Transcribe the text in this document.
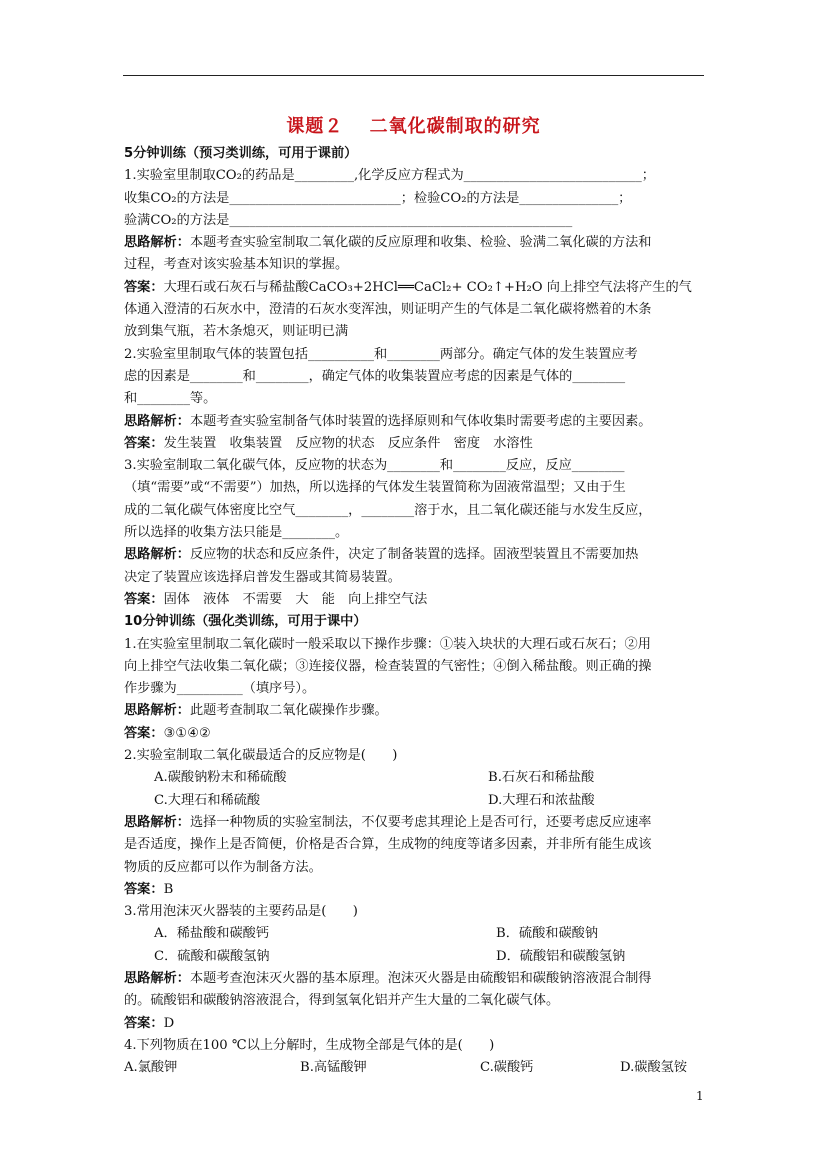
课题２　 二氧化碳制取的研究
5分钟训练（预习类训练，可用于课前）
1.实验室里制取CO₂的药品是_________,化学反应方程式为___________________________；
收集CO₂的方法是__________________________；检验CO₂的方法是_______________；
验满CO₂的方法是____________________________________________________
思路解析：本题考查实验室制取二氧化碳的反应原理和收集、检验、验满二氧化碳的方法和
过程，考查对该实验基本知识的掌握。
答案：大理石或石灰石与稀盐酸CaCO₃+2HCl══CaCl₂+ CO₂↑+H₂O 向上排空气法将产生的气
体通入澄清的石灰水中，澄清的石灰水变浑浊，则证明产生的气体是二氧化碳将燃着的木条
放到集气瓶，若木条熄灭，则证明已满
2.实验室里制取气体的装置包括__________和________两部分。确定气体的发生装置应考
虑的因素是________和________，确定气体的收集装置应考虑的因素是气体的________
和________等。
思路解析：本题考查实验室制备气体时装置的选择原则和气体收集时需要考虑的主要因素。
答案：发生装置　收集装置　反应物的状态　反应条件　密度　水溶性
3.实验室制取二氧化碳气体，反应物的状态为________和________反应，反应________
（填“需要”或“不需要”）加热，所以选择的气体发生装置简称为固液常温型；又由于生
成的二氧化碳气体密度比空气________，________溶于水，且二氧化碳还能与水发生反应，
所以选择的收集方法只能是________。
思路解析：反应物的状态和反应条件，决定了制备装置的选择。固液型装置且不需要加热
决定了装置应该选择启普发生器或其简易装置。
答案：固体　液体　不需要　大　能　向上排空气法
10分钟训练（强化类训练，可用于课中）
1.在实验室里制取二氧化碳时一般采取以下操作步骤：①装入块状的大理石或石灰石；②用
向上排空气法收集二氧化碳；③连接仪器，检查装置的气密性；④倒入稀盐酸。则正确的操
作步骤为__________（填序号）。
思路解析：此题考查制取二氧化碳操作步骤。
答案：③①④②
2.实验室制取二氧化碳最适合的反应物是(　　)
A.碳酸钠粉末和稀硫酸	B.石灰石和稀盐酸
C.大理石和稀硫酸	D.大理石和浓盐酸
思路解析：选择一种物质的实验室制法，不仅要考虑其理论上是否可行，还要考虑反应速率
是否适度，操作上是否简便，价格是否合算，生成物的纯度等诸多因素，并非所有能生成该
物质的反应都可以作为制备方法。
答案：B
3.常用泡沫灭火器装的主要药品是(　　)
A．稀盐酸和碳酸钙	B．硫酸和碳酸钠
C．硫酸和碳酸氢钠	D．硫酸铝和碳酸氢钠
思路解析：本题考查泡沫灭火器的基本原理。泡沫灭火器是由硫酸铝和碳酸钠溶液混合制得
的。硫酸铝和碳酸钠溶液混合，得到氢氧化铝并产生大量的二氧化碳气体。
答案：D
4.下列物质在100 ℃以上分解时，生成物全部是气体的是(　　)
A.氯酸钾	B.高锰酸钾	C.碳酸钙	D.碳酸氢铵
1
